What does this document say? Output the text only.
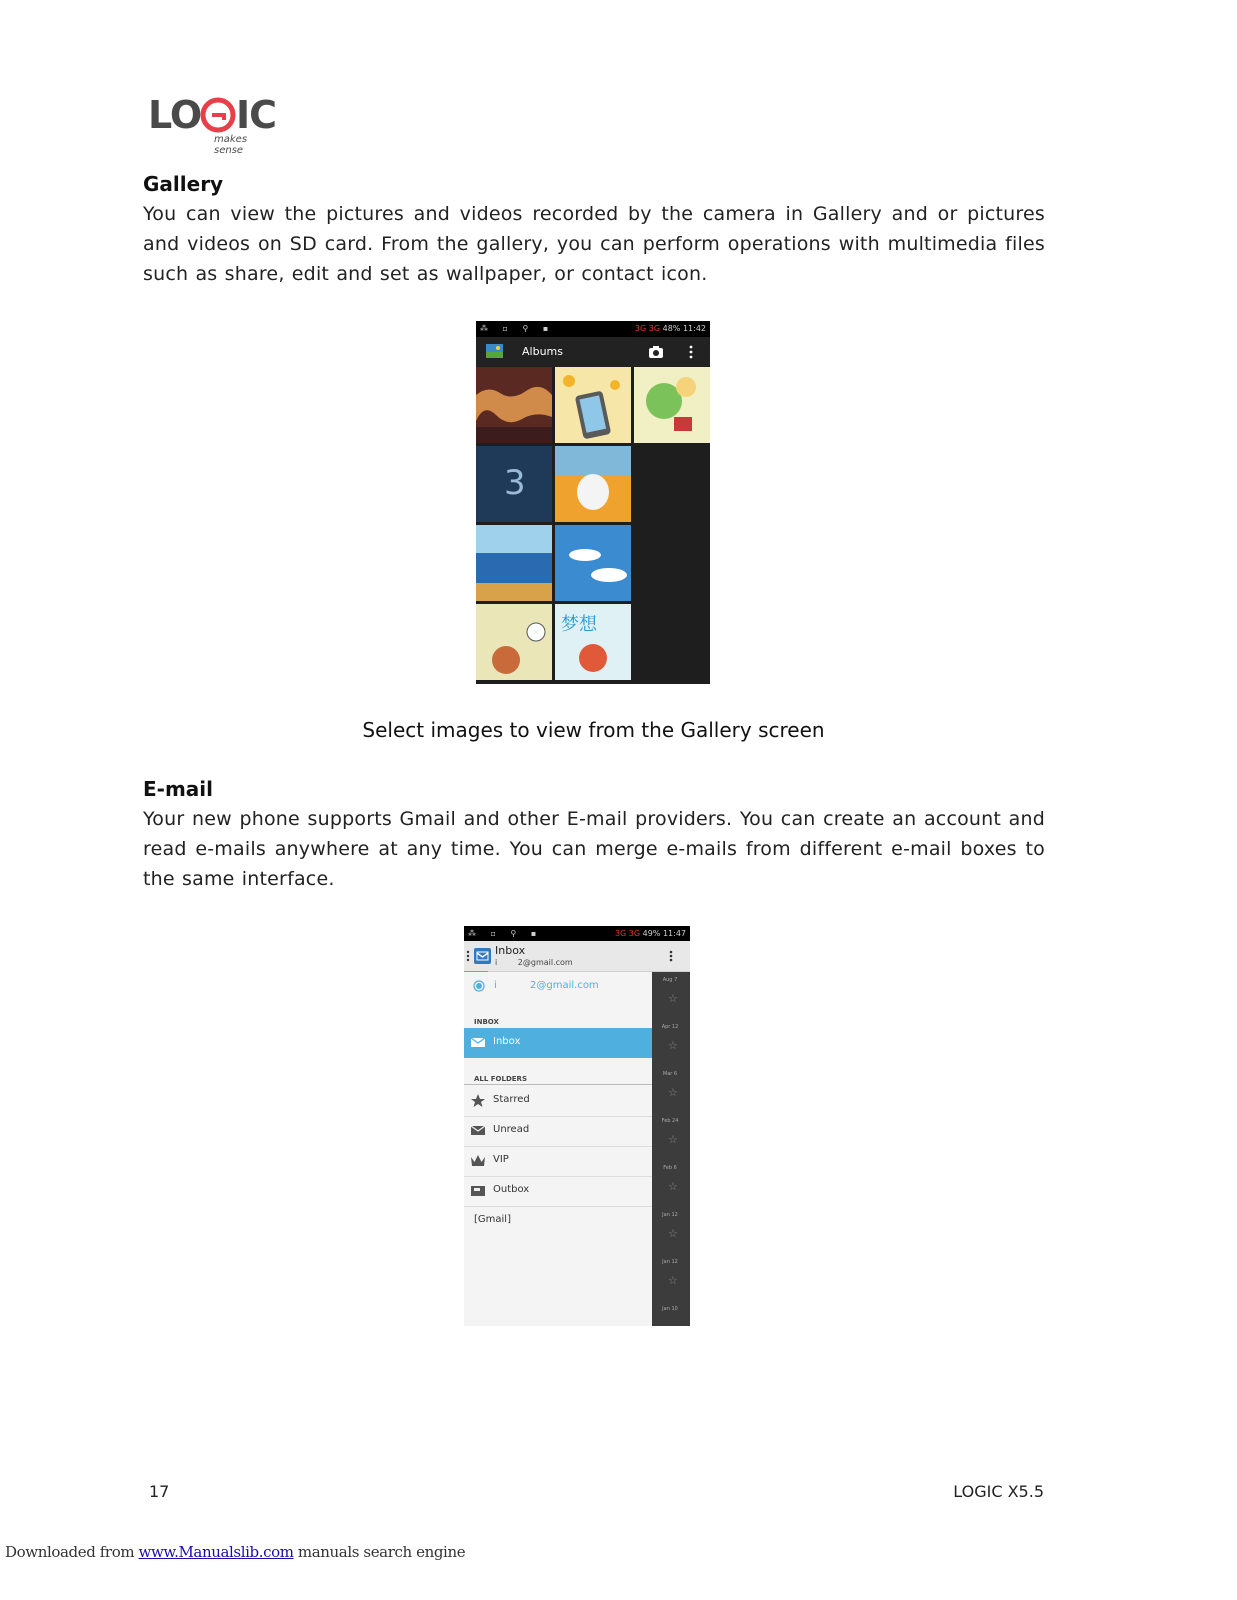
LO IC
makes sense
Gallery

You can view the pictures and videos recorded by the camera in Gallery and or pictures and videos on SD card. From the gallery, you can perform operations with multimedia files such as share, edit and set as wallpaper, or contact icon.

⁂ ▫ ⚲ ▪	3G 3G 48% 11:42
Albums
3
梦想
Select images to view from the Gallery screen
E-mail

Your new phone supports Gmail and other E-mail providers. You can create an account and read e-mails anywhere at any time. You can merge e-mails from different e-mail boxes to the same interface.

⁂ ▫ ⚲ ▪	3G 3G 49% 11:47
Inbox
i	2@gmail.com
i	2@gmail.com
INBOX
Inbox
ALL FOLDERS
Starred
Unread
VIP
Outbox
[Gmail]
Aug 7
☆
Apr 12
☆
Mar 6
☆
Feb 24
☆
Feb 6
☆
Jan 12
☆
Jan 12
☆
Jan 10
17	LOGIC X5.5
Downloaded from www.Manualslib.com manuals search engine
